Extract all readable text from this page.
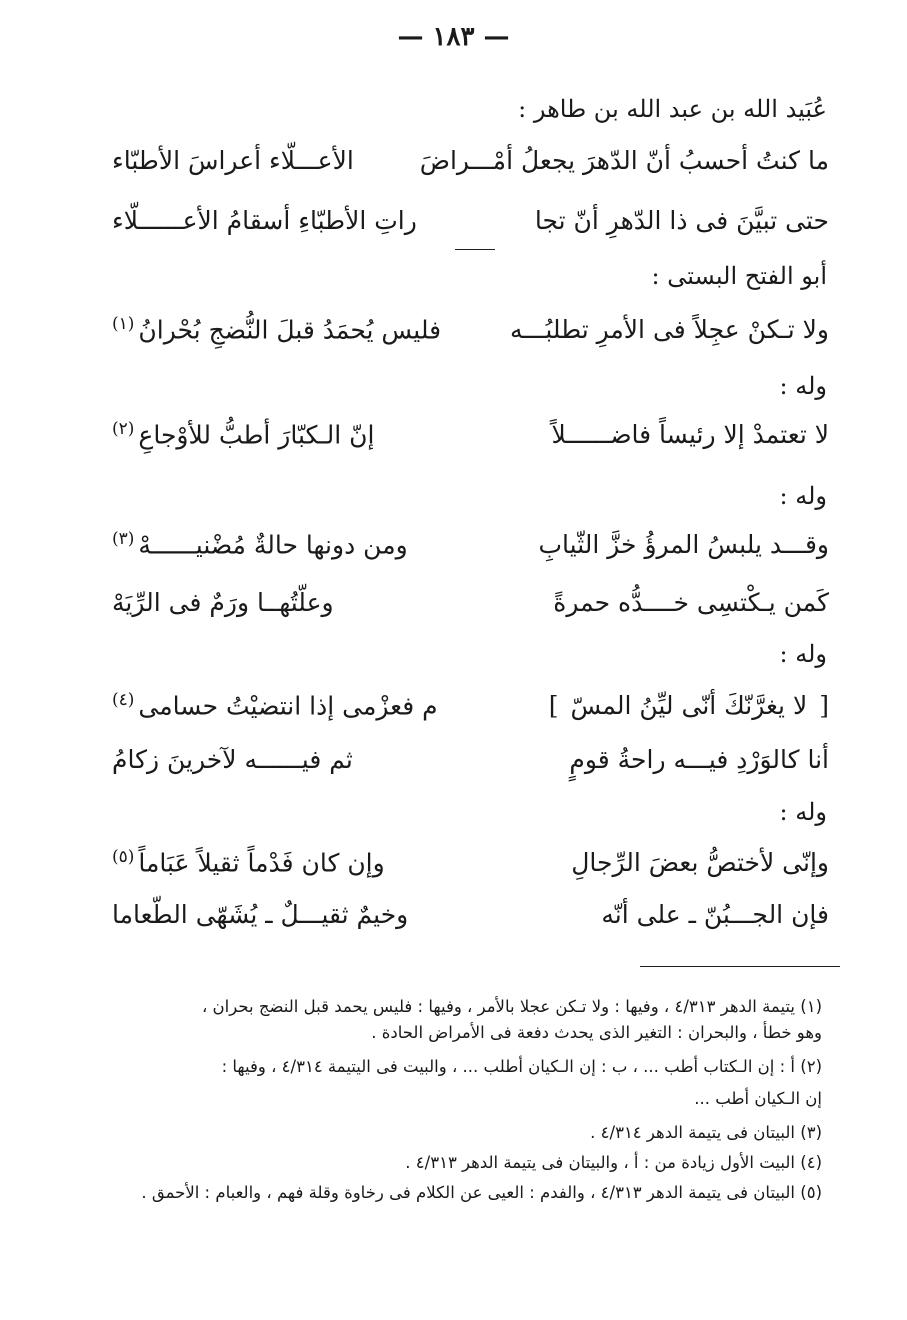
— ١٨٣ —
عُبَيد الله بن عبد الله بن طاهر :
ما كنتُ أحسبُ أنّ الدّهرَ يجعلُ أمْـــراضَ
الأعـــلّاء أعراسَ الأطبّاء
حتى تبيَّنَ فى ذا الدّهرِ أنّ تجا
راتِ الأطبّاءِ أسقامُ الأعــــــلّاء
أبو الفتح البستى :
ولا تـكنْ عجِلاً فى الأمرِ تطلبُـــه
فليس يُحمَدُ قبلَ النُّضجِ بُحْرانُ$^{(١)}$
وله :
لا تعتمدْ إلا رئيساً فاضــــــلاً
إنّ الـكبّارَ أطبُّ للأوْجاعِ$^{(٢)}$
وله :
وقـــد يلبسُ المرؤُ خزَّ الثّيابِ
ومن دونها حالةٌ مُضْنيــــــهْ$^{(٣)}$
كَمن يـكْتسِى خــــدُّه حمرةً
وعلّتُهــا ورَمٌ فى الرِّيَهْ
وله :
[ لا يغرَّنّكَ أنّى ليِّنُ المسّ ]
م فعزْمى إذا انتضيْتُ حسامى$^{(٤)}$
أنا كالوَرْدِ فيـــه راحةُ قومٍ
ثم فيــــــه لآخرينَ زكامُ
وله :
وإنّى لأختصُّ بعضَ الرِّجالِ
وإن كان فَدْماً ثقيلاً عَبَاماً$^{(٥)}$
فإن الجـــبُنّ ـ على أنّه
وخيمٌ ثقيـــلٌ ـ يُشَهّى الطّعاما
(١) يتيمة الدهر ٤/٣١٣ ، وفيها : ولا تـكن عجلا بالأمر ، وفيها : فليس يحمد قبل النضج بحران ،
وهو خطأ ، والبحران : التغير الذى يحدث دفعة فى الأمراض الحادة .
(٢) أ : إن الـكتاب أطب ... ، ب : إن الـكيان أطلب ... ، والبيت فى اليتيمة ٤/٣١٤ ، وفيها :
إن الـكيان أطب ...
(٣) البيتان فى يتيمة الدهر ٤/٣١٤ .
(٤) البيت الأول زيادة من : أ ، والبيتان فى يتيمة الدهر ٤/٣١٣ .
(٥) البيتان فى يتيمة الدهر ٤/٣١٣ ، والفدم : العيى عن الكلام فى رخاوة وقلة فهم ، والعبام : الأحمق .
